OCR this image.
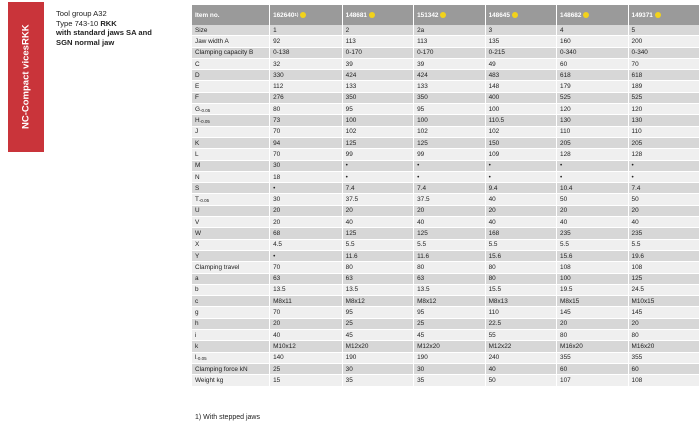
NC-Compact vices

RKK
Tool group A32
Type 743-10 RKK
with standard jaws SA and
SGN normal jaw
Item no.	162640$^{1)}$	148681	151342	148645	148682	149371
Size	1	2	2a	3	4	5
Jaw width A	92	113	113	135	160	200
Clamping capacity B	0-138	0-170	0-170	0-215	0-340	0-340
C	32	39	39	49	60	70
D	330	424	424	483	618	618
E	112	133	133	148	179	189
F	276	350	350	400	525	525
G-0.05	80	95	95	100	120	120
H-0.05	73	100	100	110.5	130	130
J	70	102	102	102	110	110
K	94	125	125	150	205	205
L	70	99	99	109	128	128
M	30	•	•	•	•	•
N	18	•	•	•	•	•
S	•	7.4	7.4	9.4	10.4	7.4
T-0.05	30	37.5	37.5	40	50	50
U	20	20	20	20	20	20
V	20	40	40	40	40	40
W	68	125	125	168	235	235
X	4.5	5.5	5.5	5.5	5.5	5.5
Y	•	11.6	11.6	15.6	15.6	19.6
Clamping travel	70	80	80	80	108	108
a	63	63	63	80	100	125
b	13.5	13.5	13.5	15.5	19.5	24.5
c	M8x11	M8x12	M8x12	M8x13	M8x15	M10x15
g	70	95	95	110	145	145
h	20	25	25	22.5	20	20
i	40	45	45	55	80	80
k	M10x12	M12x20	M12x20	M12x22	M16x20	M16x20
l-0.05	140	190	190	240	355	355
Clamping force kN	25	30	30	40	60	60
Weight kg	15	35	35	50	107	108
1) With stepped jaws
